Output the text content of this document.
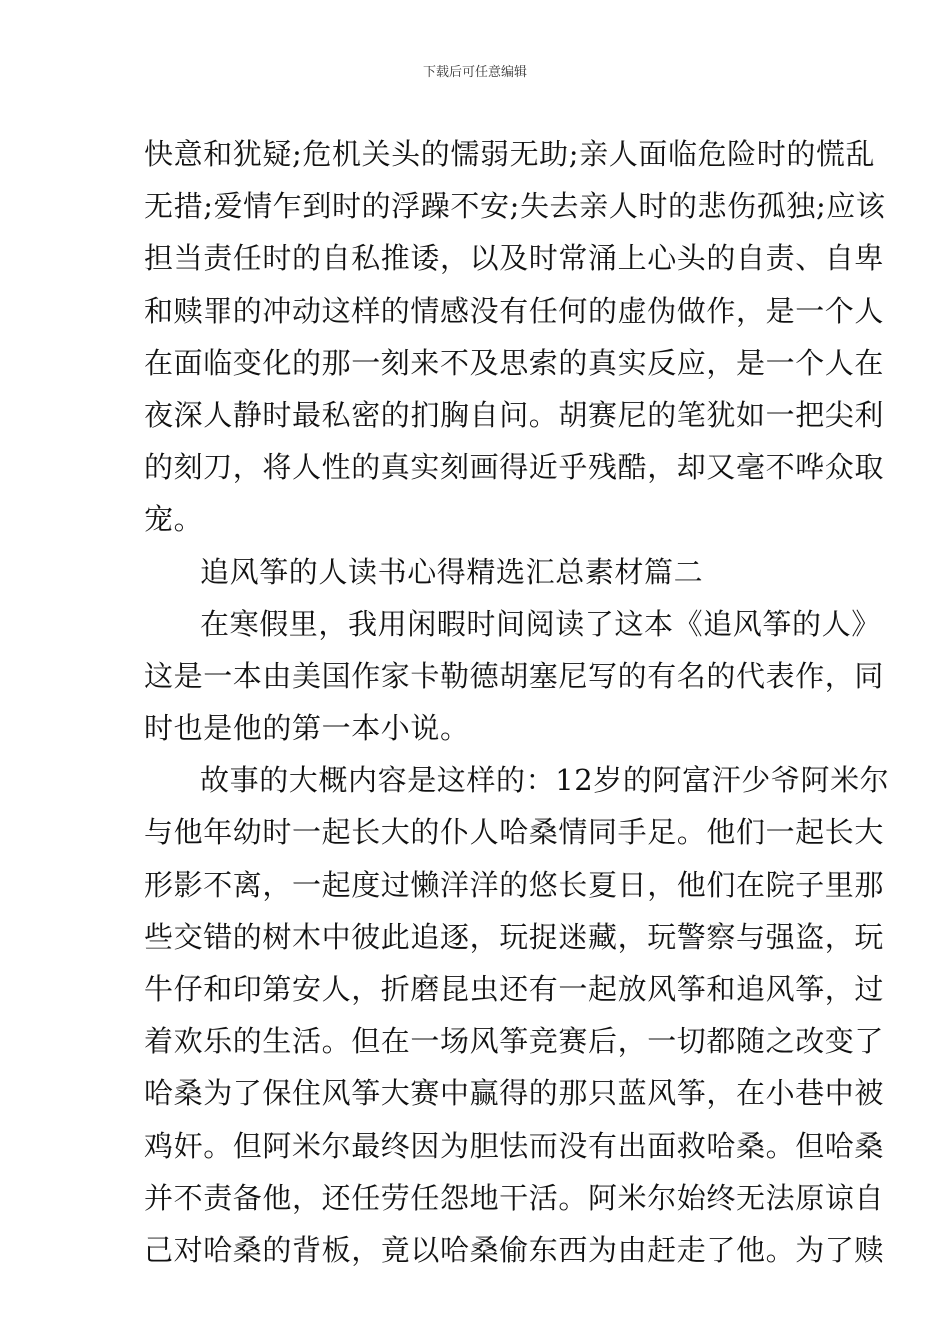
下载后可任意编辑
快意和犹疑;危机关头的懦弱无助;亲人面临危险时的慌乱
无措;爱情乍到时的浮躁不安;失去亲人时的悲伤孤独;应该
担当责任时的自私推诿，以及时常涌上心头的自责、自卑
和赎罪的冲动这样的情感没有任何的虚伪做作，是一个人
在面临变化的那一刻来不及思索的真实反应，是一个人在
夜深人静时最私密的扪胸自问。胡赛尼的笔犹如一把尖利
的刻刀，将人性的真实刻画得近乎残酷，却又毫不哗众取
宠。
追风筝的人读书心得精选汇总素材篇二
在寒假里，我用闲暇时间阅读了这本《追风筝的人》
这是一本由美国作家卡勒德胡塞尼写的有名的代表作，同
时也是他的第一本小说。
故事的大概内容是这样的：12岁的阿富汗少爷阿米尔
与他年幼时一起长大的仆人哈桑情同手足。他们一起长大
形影不离，一起度过懒洋洋的悠长夏日，他们在院子里那
些交错的树木中彼此追逐，玩捉迷藏，玩警察与强盗，玩
牛仔和印第安人，折磨昆虫还有一起放风筝和追风筝，过
着欢乐的生活。但在一场风筝竞赛后，一切都随之改变了
哈桑为了保住风筝大赛中赢得的那只蓝风筝，在小巷中被
鸡奸。但阿米尔最终因为胆怯而没有出面救哈桑。但哈桑
并不责备他，还任劳任怨地干活。阿米尔始终无法原谅自
己对哈桑的背板，竟以哈桑偷东西为由赶走了他。为了赎
